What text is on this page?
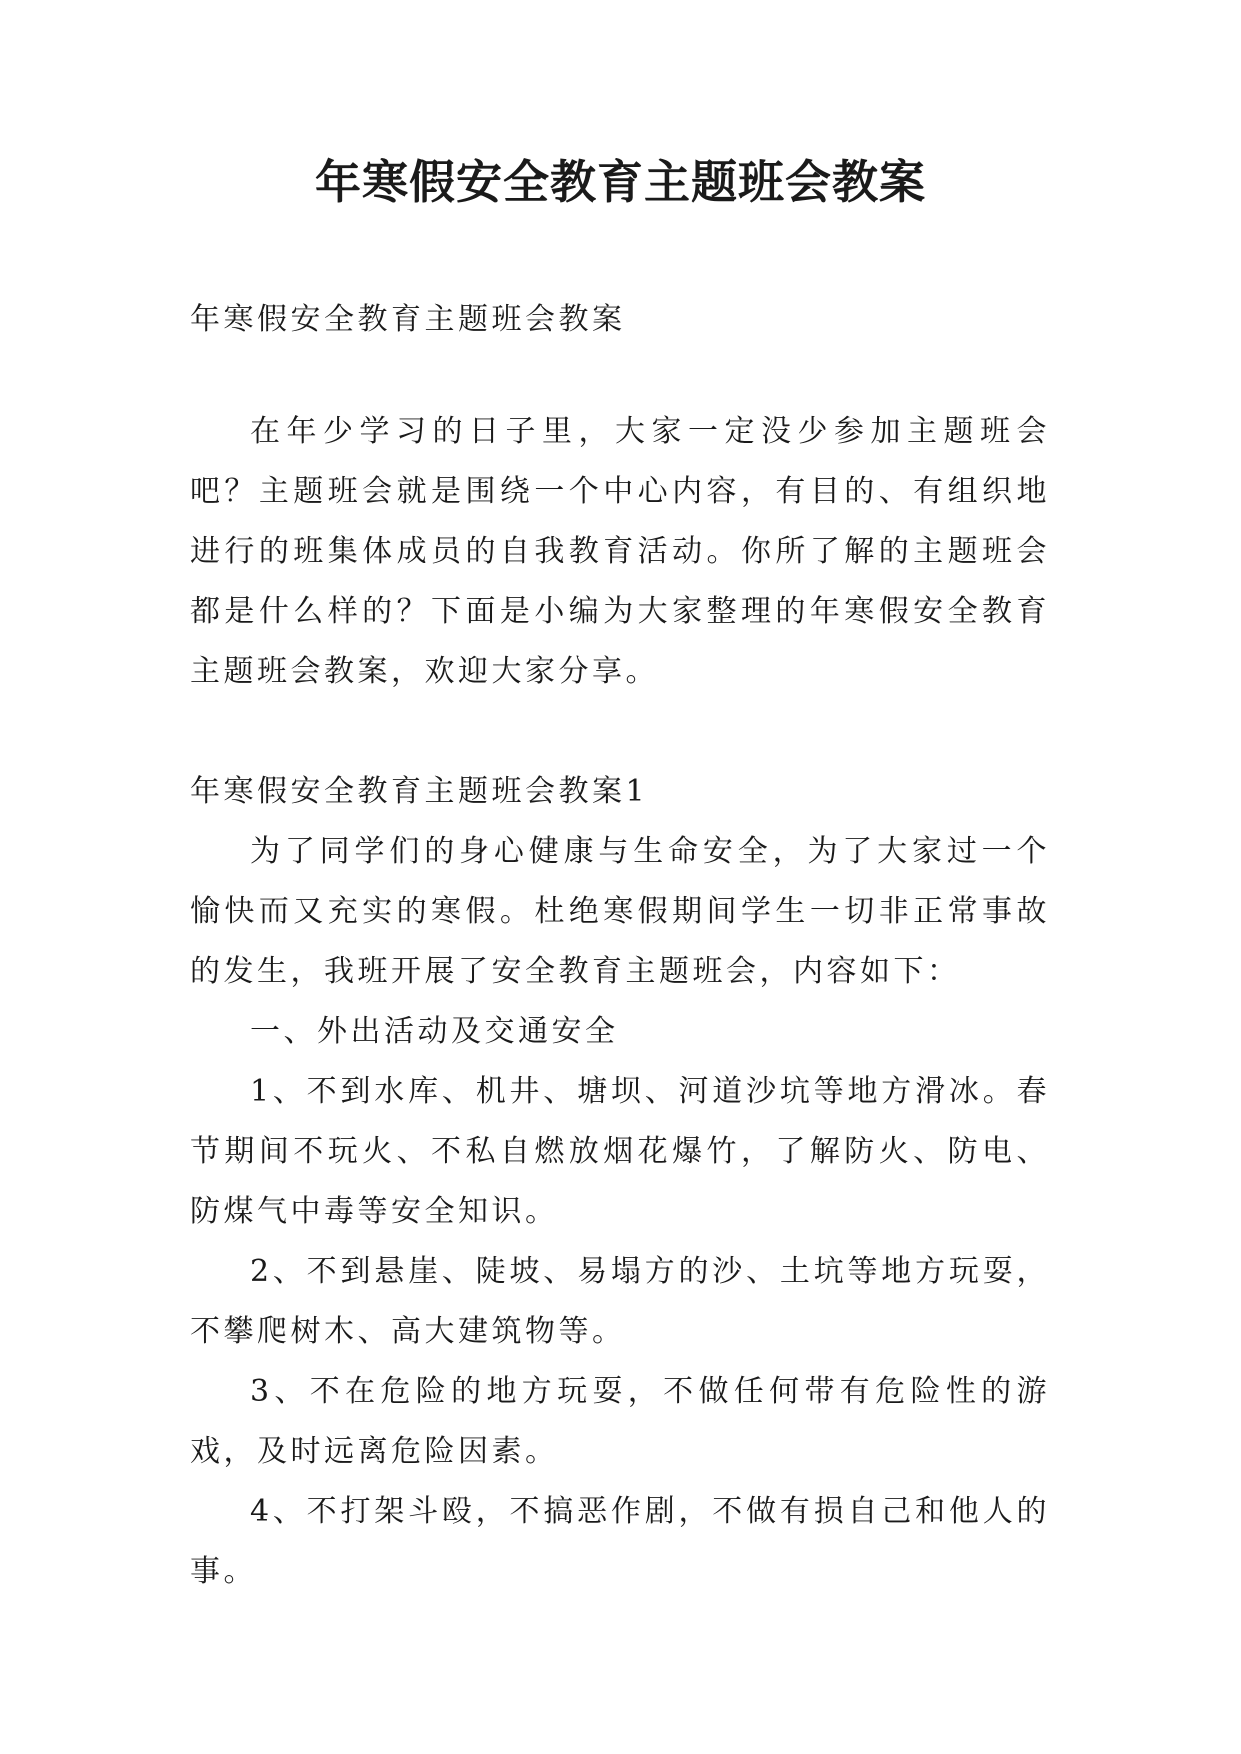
年寒假安全教育主题班会教案

年寒假安全教育主题班会教案

在年少学习的日子里，大家一定没少参加主题班会吧？主题班会就是围绕一个中心内容，有目的、有组织地进行的班集体成员的自我教育活动。你所了解的主题班会都是什么样的？下面是小编为大家整理的年寒假安全教育主题班会教案，欢迎大家分享。

年寒假安全教育主题班会教案1

为了同学们的身心健康与生命安全，为了大家过一个愉快而又充实的寒假。杜绝寒假期间学生一切非正常事故的发生，我班开展了安全教育主题班会，内容如下：

一、外出活动及交通安全

1、不到水库、机井、塘坝、河道沙坑等地方滑冰。春节期间不玩火、不私自燃放烟花爆竹，了解防火、防电、防煤气中毒等安全知识。

2、不到悬崖、陡坡、易塌方的沙、土坑等地方玩耍，不攀爬树木、高大建筑物等。

3、不在危险的地方玩耍，不做任何带有危险性的游戏，及时远离危险因素。

4、不打架斗殴，不搞恶作剧，不做有损自己和他人的事。
